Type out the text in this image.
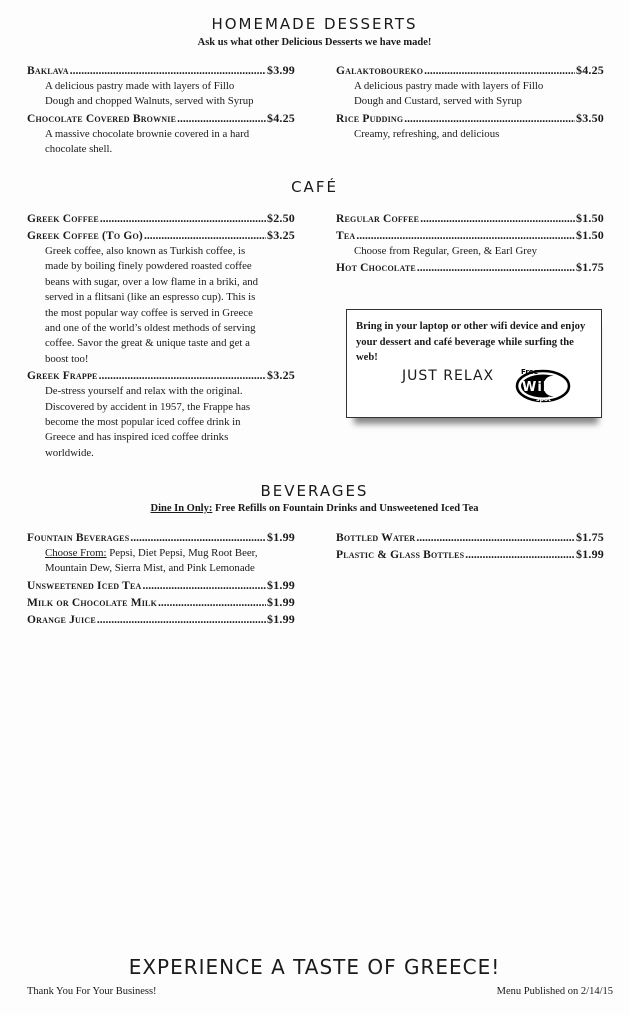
HOMEMADE DESSERTS
Ask us what other Delicious Desserts we have made!
Baklava .....	$3.99
A delicious pastry made with layers of Fillo
Dough and chopped Walnuts, served with Syrup
Chocolate Covered Brownie .....	$4.25
A massive chocolate brownie covered in a hard
chocolate shell.
Galaktoboureko .....	$4.25
A delicious pastry made with layers of Fillo
Dough and Custard, served with Syrup
Rice Pudding .....	$3.50
Creamy, refreshing, and delicious
CAFÉ
Greek Coffee .....	$2.50
Greek Coffee (To Go) .....	$3.25
Greek coffee, also known as Turkish coffee, is
made by boiling finely powdered roasted coffee
beans with sugar, over a low flame in a briki, and
served in a flitsani (like an espresso cup). This is
the most popular way coffee is served in Greece
and one of the world’s oldest methods of serving
coffee. Savor the great & unique taste and get a
boost too!
Greek Frappe .....	$3.25
De-stress yourself and relax with the original.
Discovered by accident in 1957, the Frappe has
become the most popular iced coffee drink in
Greece and has inspired iced coffee drinks
worldwide.
Regular Coffee .....	$1.50
Tea .....	$1.50
Choose from Regular, Green, & Earl Grey
Hot Chocolate .....	$1.75
Bring in your laptop or other wifi device and enjoy your dessert and café beverage while surfing the web!
JUST RELAX	Free
WiFi
spot
BEVERAGES
Dine In Only: Free Refills on Fountain Drinks and Unsweetened Iced Tea
Fountain Beverages .....	$1.99
Choose From: Pepsi, Diet Pepsi, Mug Root Beer,
Mountain Dew, Sierra Mist, and Pink Lemonade
Unsweetened Iced Tea .....	$1.99
Milk or Chocolate Milk .....	$1.99
Orange Juice .....	$1.99
Bottled Water .....	$1.75
Plastic & Glass Bottles .....	$1.99
EXPERIENCE A TASTE OF GREECE!
Thank You For Your Business!	Menu Published on 2/14/15
